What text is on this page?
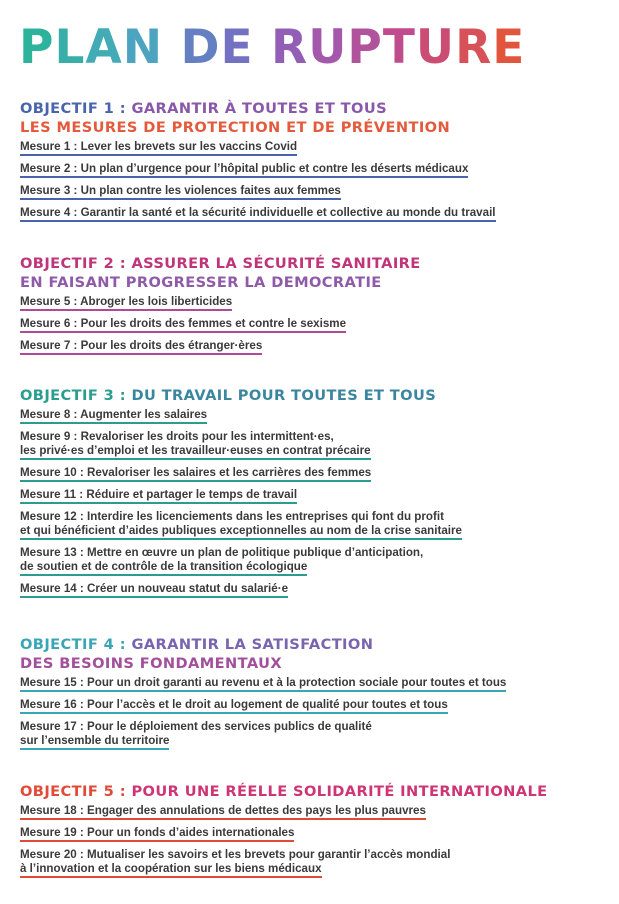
PLAN DE RUPTURE
OBJECTIF 1 : GARANTIR À TOUTES ET TOUS
LES MESURES DE PROTECTION ET DE PRÉVENTION
Mesure 1 : Lever les brevets sur les vaccins Covid
Mesure 2 : Un plan d’urgence pour l’hôpital public et contre les déserts médicaux
Mesure 3 : Un plan contre les violences faites aux femmes
Mesure 4 : Garantir la santé et la sécurité individuelle et collective au monde du travail
OBJECTIF 2 : ASSURER LA SÉCURITÉ SANITAIRE
EN FAISANT PROGRESSER LA DEMOCRATIE
Mesure 5 : Abroger les lois liberticides
Mesure 6 : Pour les droits des femmes et contre le sexisme
Mesure 7 : Pour les droits des étranger·ères
OBJECTIF 3 : DU TRAVAIL POUR TOUTES ET TOUS
Mesure 8 : Augmenter les salaires
Mesure 9 : Revaloriser les droits pour les intermittent·es,
les privé·es d’emploi et les travailleur·euses en contrat précaire
Mesure 10 : Revaloriser les salaires et les carrières des femmes
Mesure 11 : Réduire et partager le temps de travail
Mesure 12 : Interdire les licenciements dans les entreprises qui font du profit
et qui bénéficient d’aides publiques exceptionnelles au nom de la crise sanitaire
Mesure 13 : Mettre en œuvre un plan de politique publique d’anticipation,
de soutien et de contrôle de la transition écologique
Mesure 14 : Créer un nouveau statut du salarié·e
OBJECTIF 4 : GARANTIR LA SATISFACTION
DES BESOINS FONDAMENTAUX
Mesure 15 : Pour un droit garanti au revenu et à la protection sociale pour toutes et tous
Mesure 16 : Pour l’accès et le droit au logement de qualité pour toutes et tous
Mesure 17 : Pour le déploiement des services publics de qualité
sur l’ensemble du territoire
OBJECTIF 5 : POUR UNE RÉELLE SOLIDARITÉ INTERNATIONALE
Mesure 18 : Engager des annulations de dettes des pays les plus pauvres
Mesure 19 : Pour un fonds d’aides internationales
Mesure 20 : Mutualiser les savoirs et les brevets pour garantir l’accès mondial
à l’innovation et la coopération sur les biens médicaux
